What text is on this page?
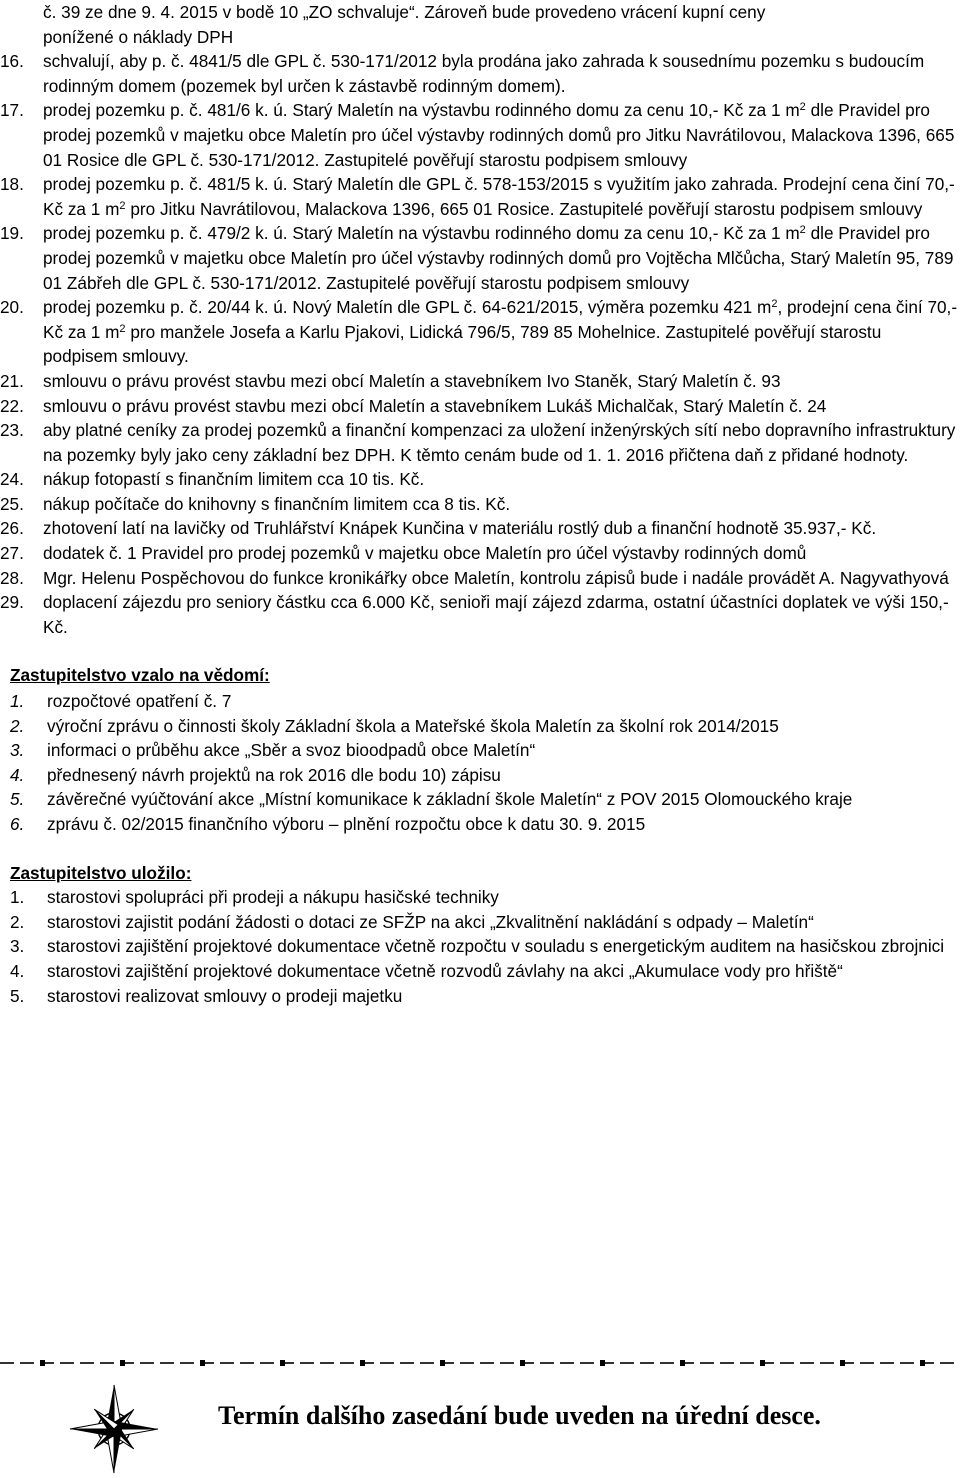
č. 39 ze dne 9. 4. 2015 v bodě 10 „ZO schvaluje“. Zároveň bude provedeno vrácení kupní ceny
ponížené o náklady DPH
16.	schvalují, aby p. č. 4841/5 dle GPL č. 530-171/2012 byla prodána jako zahrada k sousednímu pozemku s budoucím rodinným domem (pozemek byl určen k zástavbě rodinným domem).
17.	prodej pozemku p. č. 481/6 k. ú. Starý Maletín na výstavbu rodinného domu za cenu 10,- Kč za 1 $m^2$ dle Pravidel pro prodej pozemků v majetku obce Maletín pro účel výstavby rodinných domů pro Jitku Navrátilovou, Malackova 1396, 665 01 Rosice dle GPL č. 530-171/2012. Zastupitelé pověřují starostu podpisem smlouvy
18.	prodej pozemku p. č. 481/5 k. ú. Starý Maletín dle GPL č. 578-153/2015 s využitím jako zahrada. Prodejní cena činí 70,- Kč za 1 $m^2$ pro Jitku Navrátilovou, Malackova 1396, 665 01 Rosice. Zastupitelé pověřují starostu podpisem smlouvy
19.	prodej pozemku p. č. 479/2 k. ú. Starý Maletín na výstavbu rodinného domu za cenu 10,- Kč za 1 $m^2$ dle Pravidel pro prodej pozemků v majetku obce Maletín pro účel výstavby rodinných domů pro Vojtěcha Mlčůcha, Starý Maletín 95, 789 01 Zábřeh dle GPL č. 530-171/2012. Zastupitelé pověřují starostu podpisem smlouvy
20.	prodej pozemku p. č. 20/44 k. ú. Nový Maletín dle GPL č. 64-621/2015, výměra pozemku 421 $m^2$, prodejní cena činí 70,- Kč za 1 $m^2$ pro manžele Josefa a Karlu Pjakovi, Lidická 796/5, 789 85 Mohelnice. Zastupitelé pověřují starostu podpisem smlouvy.
21.	smlouvu o právu provést stavbu mezi obcí Maletín a stavebníkem Ivo Staněk, Starý Maletín č. 93
22.	smlouvu o právu provést stavbu mezi obcí Maletín a stavebníkem Lukáš Michalčak, Starý Maletín č. 24
23.	aby platné ceníky za prodej pozemků a finanční kompenzaci za uložení inženýrských sítí nebo dopravního infrastruktury na pozemky byly jako ceny základní bez DPH. K těmto cenám bude od 1. 1. 2016 přičtena daň z přidané hodnoty.
24.	nákup fotopastí s finančním limitem cca 10 tis. Kč.
25.	nákup počítače do knihovny s finančním limitem cca 8 tis. Kč.
26.	zhotovení latí na lavičky od Truhlářství Knápek Kunčina v materiálu rostlý dub a finanční hodnotě 35.937,- Kč.
27.	dodatek č. 1 Pravidel pro prodej pozemků v majetku obce Maletín pro účel výstavby rodinných domů
28.	Mgr. Helenu Pospěchovou do funkce kronikářky obce Maletín, kontrolu zápisů bude i nadále provádět A. Nagyvathyová
29.	doplacení zájezdu pro seniory částku cca 6.000 Kč, senioři mají zájezd zdarma, ostatní účastníci doplatek ve výši 150,- Kč.
Zastupitelstvo vzalo na vědomí:
1.	rozpočtové opatření č. 7
2.	výroční zprávu o činnosti školy Základní škola a Mateřské škola Maletín za školní rok 2014/2015
3.	informaci o průběhu akce „Sběr a svoz bioodpadů obce Maletín“
4.	přednesený návrh projektů na rok 2016 dle bodu 10) zápisu
5.	závěrečné vyúčtování akce „Místní komunikace k základní škole Maletín“ z POV 2015 Olomouckého kraje
6.	zprávu č. 02/2015 finančního výboru – plnění rozpočtu obce k datu 30. 9. 2015
Zastupitelstvo uložilo:
1.	starostovi spolupráci při prodeji a nákupu hasičské techniky
2.	starostovi zajistit podání žádosti o dotaci ze SFŽP na akci „Zkvalitnění nakládání s odpady – Maletín“
3.	starostovi zajištění projektové dokumentace včetně rozpočtu v souladu s energetickým auditem na hasičskou zbrojnici
4.	starostovi zajištění projektové dokumentace včetně rozvodů závlahy na akci „Akumulace vody pro hřiště“
5.	starostovi realizovat smlouvy o prodeji majetku
Termín dalšího zasedání bude uveden na úřední desce.
